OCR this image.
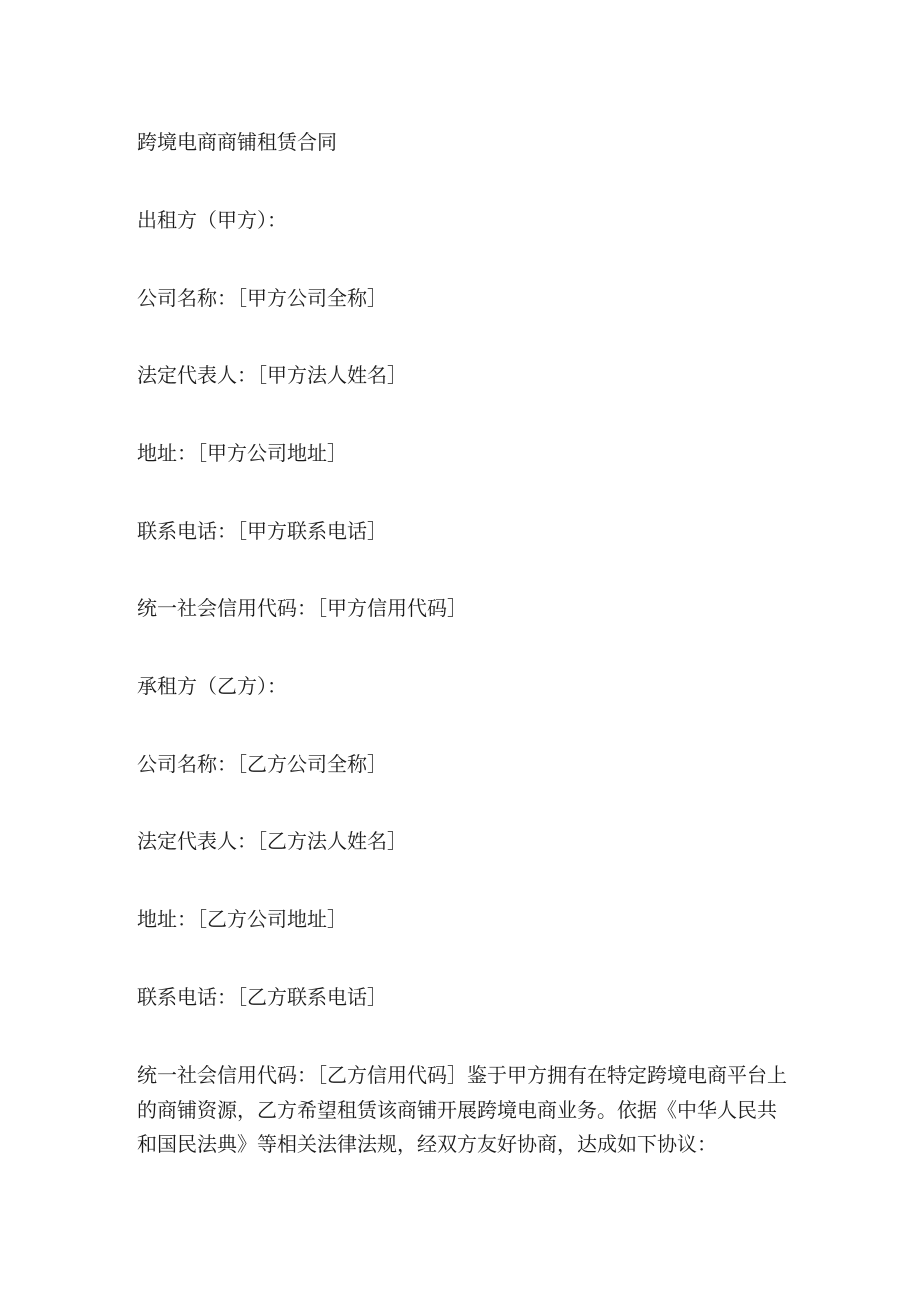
跨境电商商铺租赁合同

出租方（甲方）：

公司名称：［甲方公司全称］

法定代表人：［甲方法人姓名］

地址：［甲方公司地址］

联系电话：［甲方联系电话］

统一社会信用代码：［甲方信用代码］

承租方（乙方）：

公司名称：［乙方公司全称］

法定代表人：［乙方法人姓名］

地址：［乙方公司地址］

联系电话：［乙方联系电话］

统一社会信用代码：［乙方信用代码］鉴于甲方拥有在特定跨境电商平台上的商铺资源，乙方希望租赁该商铺开展跨境电商业务。依据《中华人民共和国民法典》等相关法律法规，经双方友好协商，达成如下协议：
